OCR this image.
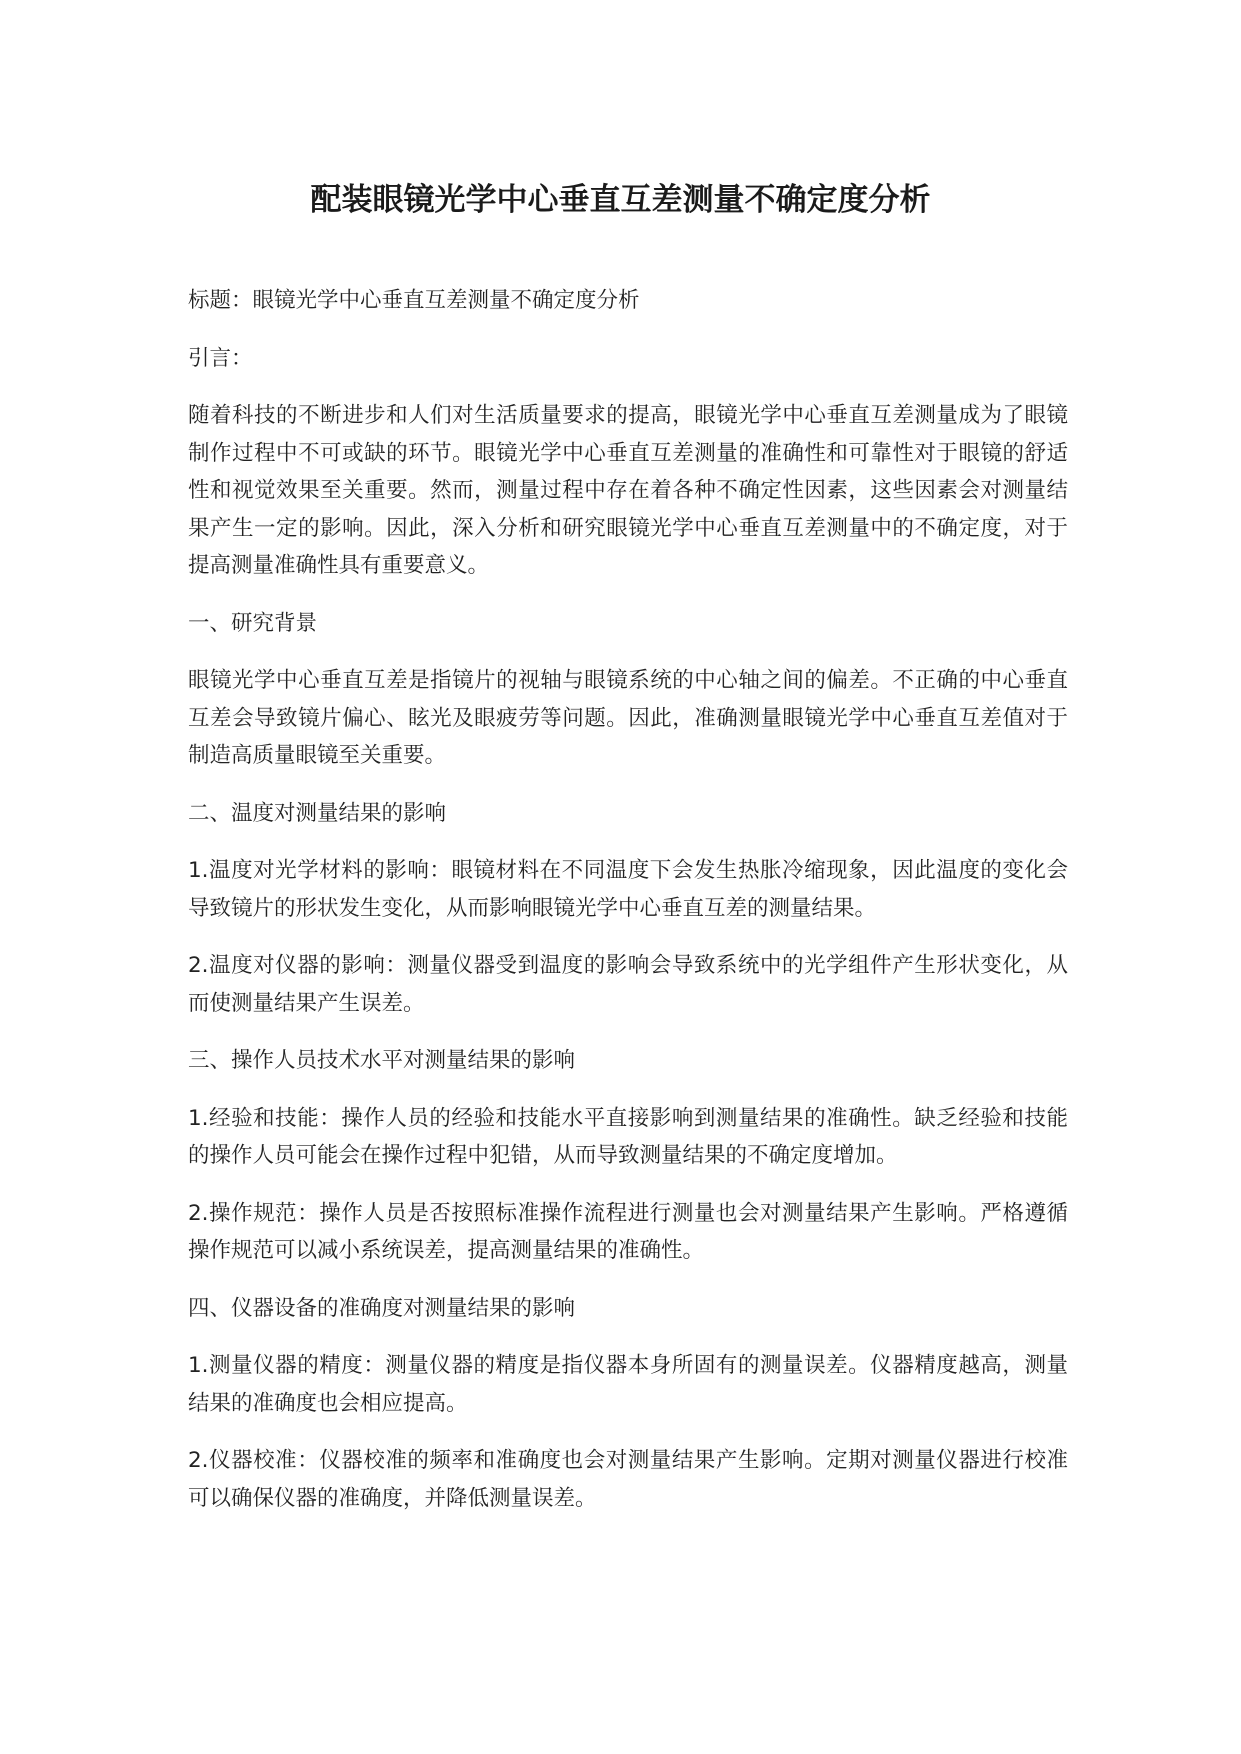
配装眼镜光学中心垂直互差测量不确定度分析

标题：眼镜光学中心垂直互差测量不确定度分析

引言：

随着科技的不断进步和人们对生活质量要求的提高，眼镜光学中心垂直互差测量成为了眼镜制作过程中不可或缺的环节。眼镜光学中心垂直互差测量的准确性和可靠性对于眼镜的舒适性和视觉效果至关重要。然而，测量过程中存在着各种不确定性因素，这些因素会对测量结果产生一定的影响。因此，深入分析和研究眼镜光学中心垂直互差测量中的不确定度，对于提高测量准确性具有重要意义。

一、研究背景

眼镜光学中心垂直互差是指镜片的视轴与眼镜系统的中心轴之间的偏差。不正确的中心垂直互差会导致镜片偏心、眩光及眼疲劳等问题。因此，准确测量眼镜光学中心垂直互差值对于制造高质量眼镜至关重要。

二、温度对测量结果的影响

1.温度对光学材料的影响：眼镜材料在不同温度下会发生热胀冷缩现象，因此温度的变化会导致镜片的形状发生变化，从而影响眼镜光学中心垂直互差的测量结果。

2.温度对仪器的影响：测量仪器受到温度的影响会导致系统中的光学组件产生形状变化，从而使测量结果产生误差。

三、操作人员技术水平对测量结果的影响

1.经验和技能：操作人员的经验和技能水平直接影响到测量结果的准确性。缺乏经验和技能的操作人员可能会在操作过程中犯错，从而导致测量结果的不确定度增加。

2.操作规范：操作人员是否按照标准操作流程进行测量也会对测量结果产生影响。严格遵循操作规范可以减小系统误差，提高测量结果的准确性。

四、仪器设备的准确度对测量结果的影响

1.测量仪器的精度：测量仪器的精度是指仪器本身所固有的测量误差。仪器精度越高，测量结果的准确度也会相应提高。

2.仪器校准：仪器校准的频率和准确度也会对测量结果产生影响。定期对测量仪器进行校准可以确保仪器的准确度，并降低测量误差。
